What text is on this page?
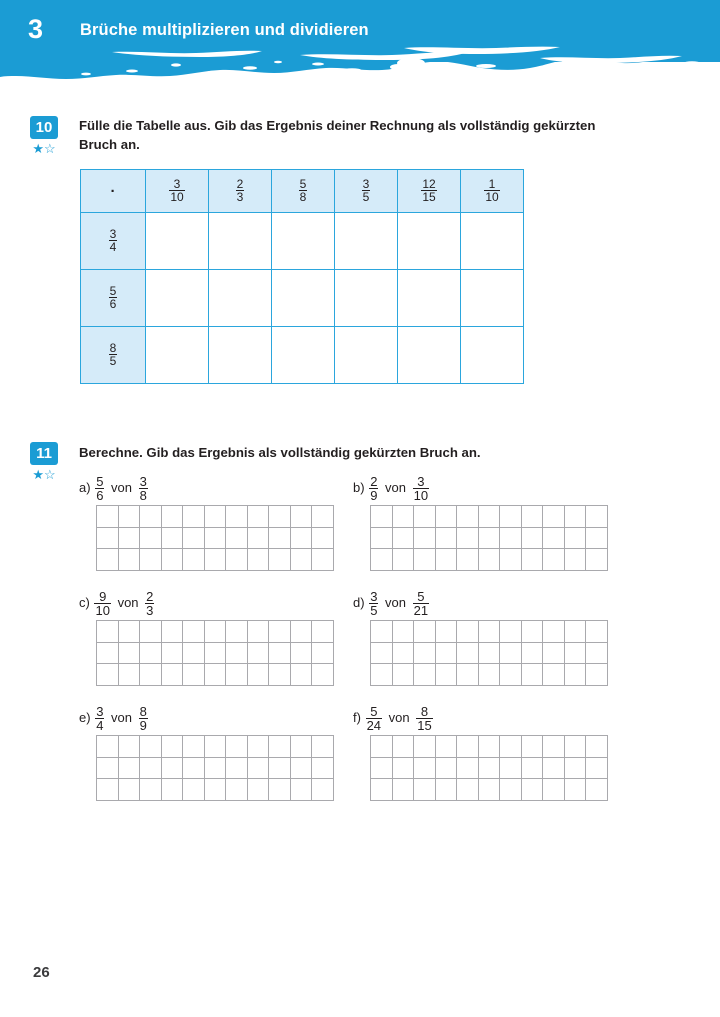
3 Brüche multiplizieren und dividieren
10
★☆
Fülle die Tabelle aus. Gib das Ergebnis deiner Rechnung als vollständig gekürzten Bruch an.
·	$\frac{3}{10}$	$\frac{2}{3}$	$\frac{5}{8}$	$\frac{3}{5}$	$\frac{12}{15}$	$\frac{1}{10}$

$\frac{3}{4}$

$\frac{5}{6}$

$\frac{8}{5}$

11
★☆
Berechne. Gib das Ergebnis als vollständig gekürzten Bruch an.
$a) \frac{5}{6}$ von $\frac{3}{8}$

											$b) \frac{2}{9}$ von $\frac{3}{10}$

$c) \frac{9}{10}$ von $\frac{2}{3}$

											$d) \frac{3}{5}$ von $\frac{5}{21}$

$e) \frac{3}{4}$ von $\frac{8}{9}$

											$f) \frac{5}{24}$ von $\frac{8}{15}$

26
